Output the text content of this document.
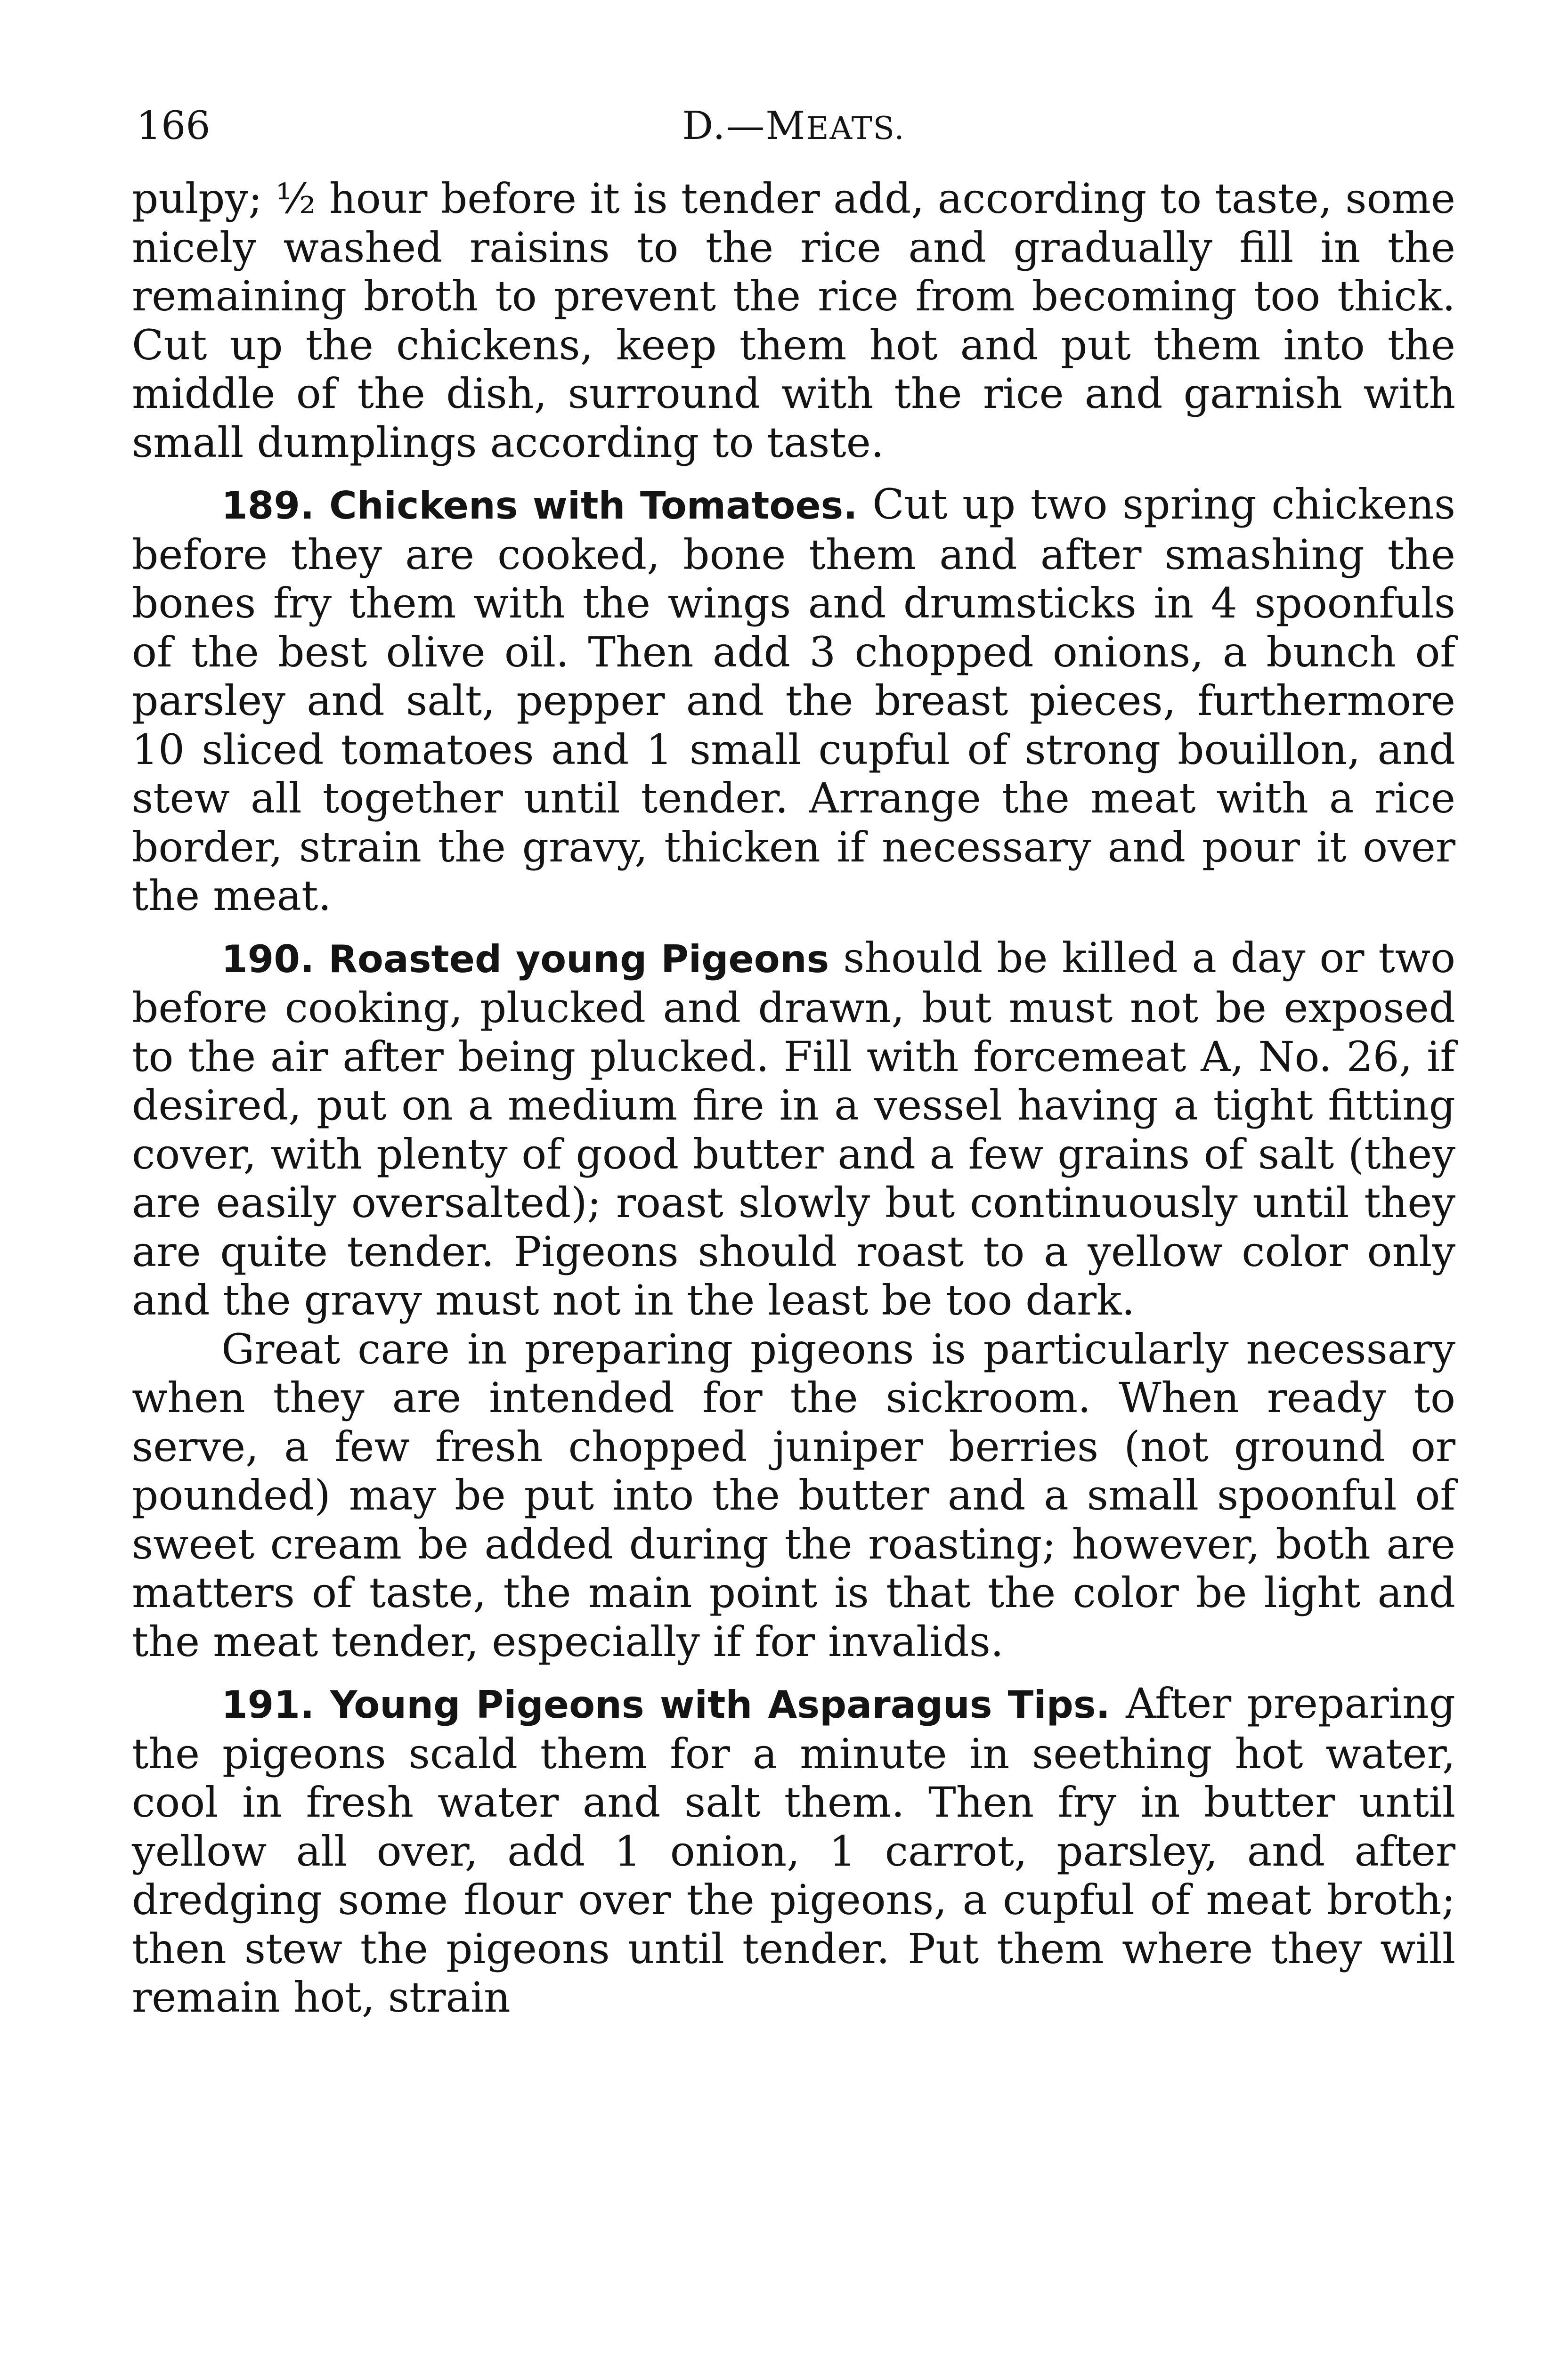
166	D.—MEATS.

pulpy; ½ hour before it is tender add, according to taste, some nicely washed raisins to the rice and gradually fill in the remaining broth to prevent the rice from becoming too thick. Cut up the chickens, keep them hot and put them into the middle of the dish, surround with the rice and garnish with small dumplings according to taste.

189. Chickens with Tomatoes. Cut up two spring chickens before they are cooked, bone them and after smashing the bones fry them with the wings and drumsticks in 4 spoonfuls of the best olive oil. Then add 3 chopped onions, a bunch of parsley and salt, pepper and the breast pieces, furthermore 10 sliced tomatoes and 1 small cupful of strong bouillon, and stew all together until tender. Arrange the meat with a rice border, strain the gravy, thicken if necessary and pour it over the meat.

190. Roasted young Pigeons should be killed a day or two before cooking, plucked and drawn, but must not be exposed to the air after being plucked. Fill with forcemeat A, No. 26, if desired, put on a medium fire in a vessel having a tight fitting cover, with plenty of good butter and a few grains of salt (they are easily oversalted); roast slowly but continuously until they are quite tender. Pigeons should roast to a yellow color only and the gravy must not in the least be too dark.

Great care in preparing pigeons is particularly necessary when they are intended for the sickroom. When ready to serve, a few fresh chopped juniper berries (not ground or pounded) may be put into the butter and a small spoonful of sweet cream be added during the roasting; however, both are matters of taste, the main point is that the color be light and the meat tender, especially if for invalids.

191. Young Pigeons with Asparagus Tips. After preparing the pigeons scald them for a minute in seething hot water, cool in fresh water and salt them. Then fry in butter until yellow all over, add 1 onion, 1 carrot, parsley, and after dredging some flour over the pigeons, a cupful of meat broth; then stew the pigeons until tender. Put them where they will remain hot, strain
